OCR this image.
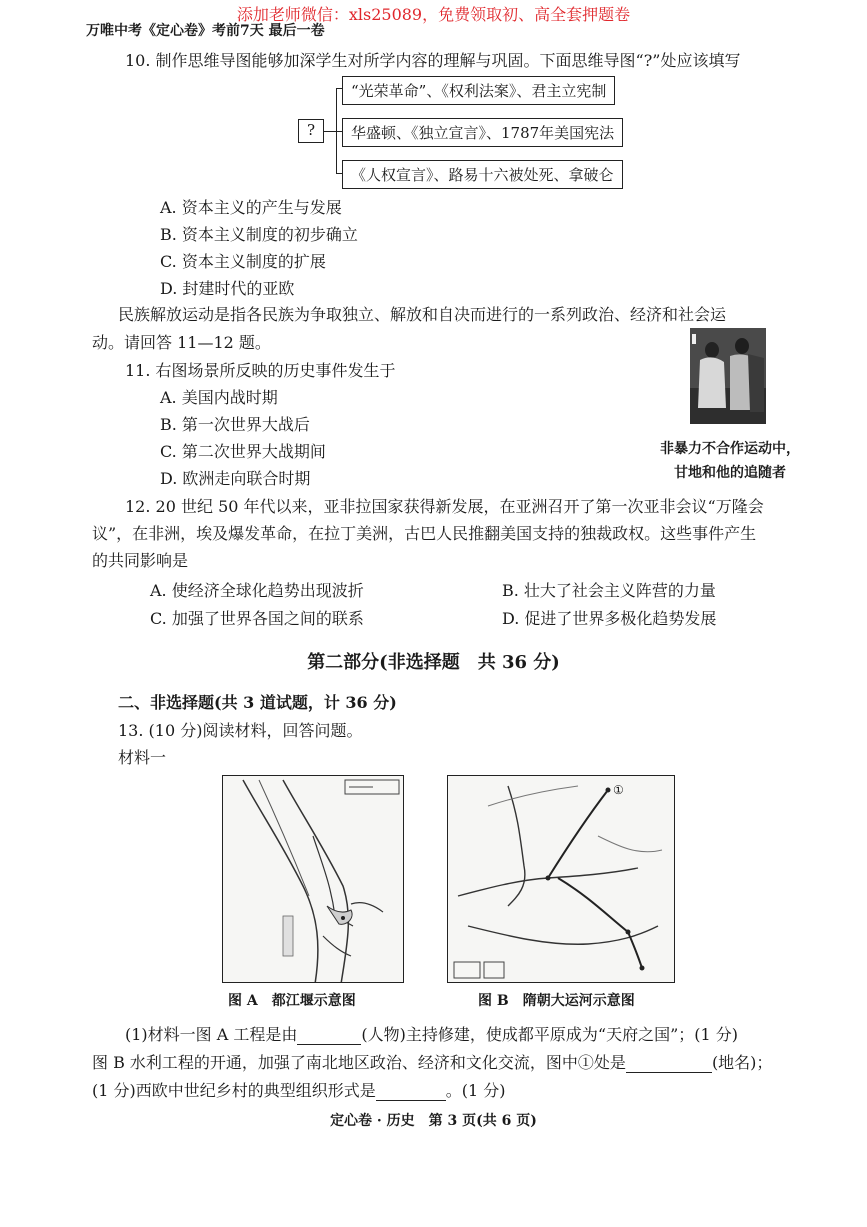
添加老师微信：xls25089，免费领取初、高全套押题卷
万唯中考《定心卷》考前7天 最后一卷
10. 制作思维导图能够加深学生对所学内容的理解与巩固。下面思维导图“?”处应该填写
?
“光荣革命”、《权利法案》、君主立宪制
华盛顿、《独立宣言》、1787年美国宪法
《人权宣言》、路易十六被处死、拿破仑
A. 资本主义的产生与发展
B. 资本主义制度的初步确立
C. 资本主义制度的扩展
D. 封建时代的亚欧
民族解放运动是指各民族为争取独立、解放和自决而进行的一系列政治、经济和社会运
动。请回答 11—12 题。
11. 右图场景所反映的历史事件发生于
A. 美国内战时期
B. 第一次世界大战后
C. 第二次世界大战期间
D. 欧洲走向联合时期
非暴力不合作运动中，
甘地和他的追随者
12. 20 世纪 50 年代以来，亚非拉国家获得新发展，在亚洲召开了第一次亚非会议“万隆会
议”，在非洲，埃及爆发革命，在拉丁美洲，古巴人民推翻美国支持的独裁政权。这些事件产生
的共同影响是
A. 使经济全球化趋势出现波折	B. 壮大了社会主义阵营的力量
C. 加强了世界各国之间的联系	D. 促进了世界多极化趋势发展
第二部分(非选择题　共 36 分)
二、非选择题(共 3 道试题，计 36 分)
13. (10 分)阅读材料，回答问题。
材料一
①
图 A　都江堰示意图	图 B　隋朝大运河示意图
(1)材料一图 A 工程是由	(人物)主持修建，使成都平原成为“天府之国”；(1 分)
图 B 水利工程的开通，加强了南北地区政治、经济和文化交流，图中①处是	(地名)；
(1 分)西欧中世纪乡村的典型组织形式是	。(1 分)
定心卷 · 历史　第 3 页(共 6 页)
